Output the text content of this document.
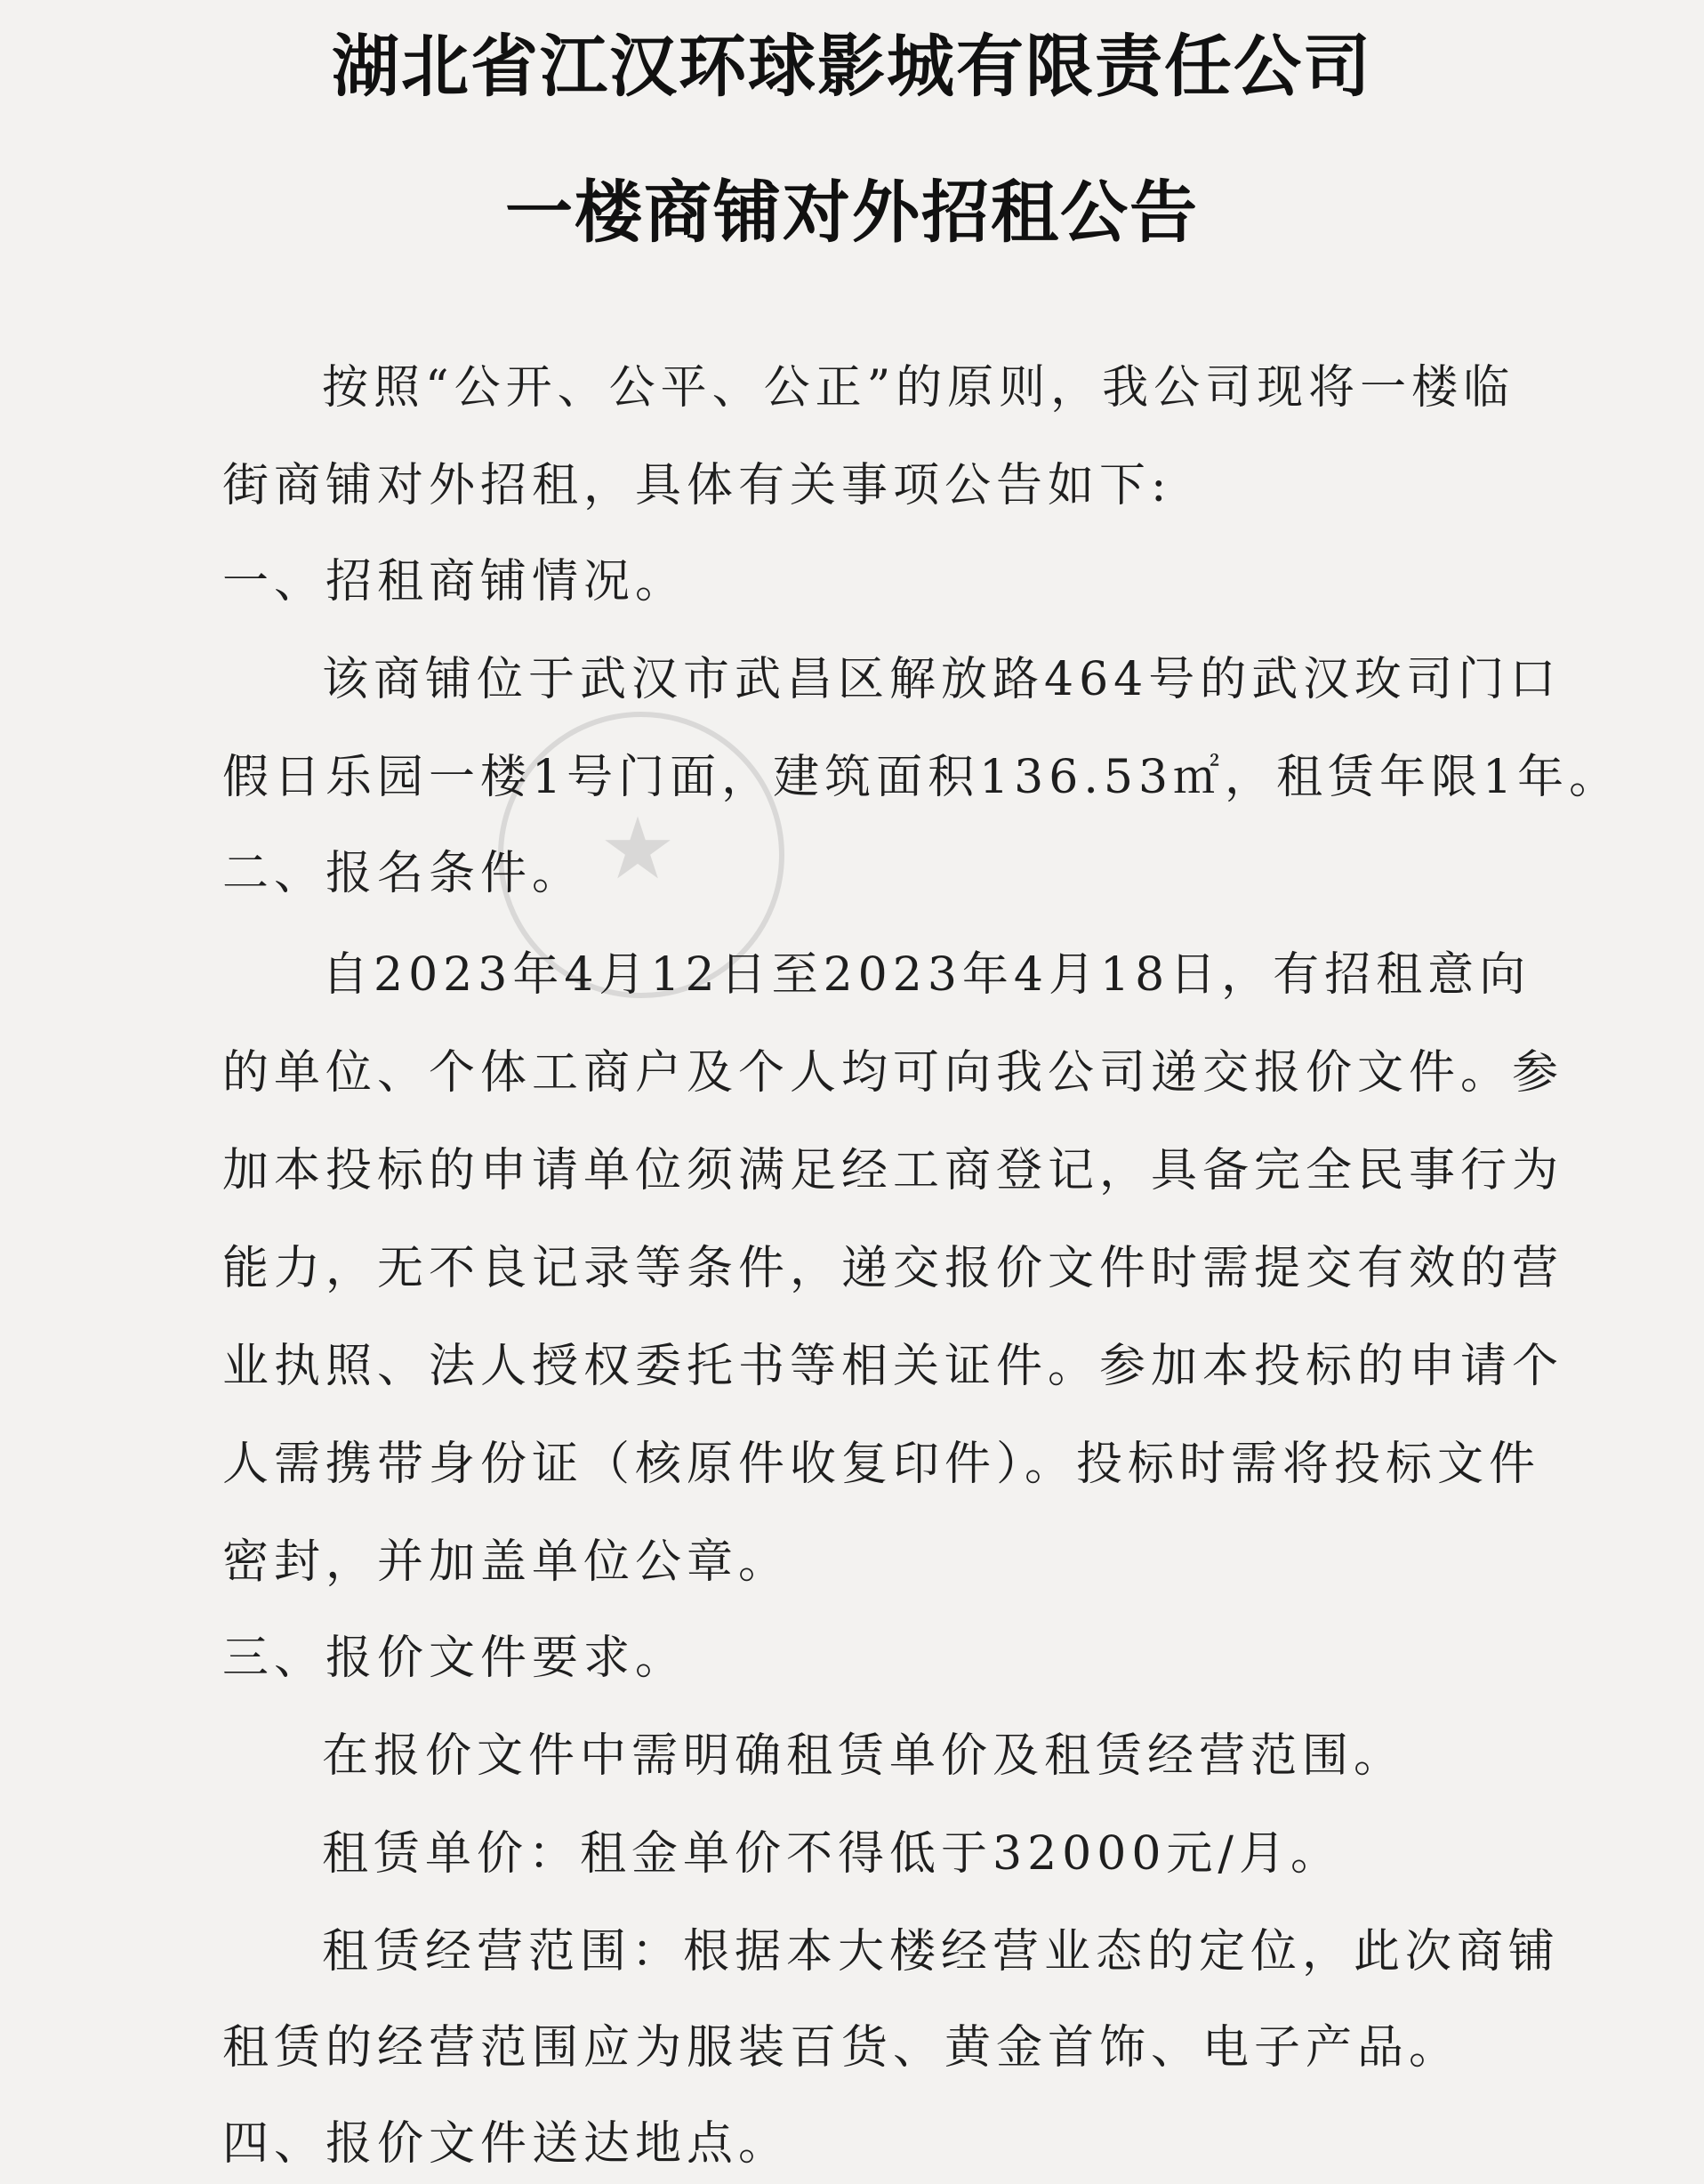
湖北省江汉环球影城有限责任公司
一楼商铺对外招租公告
★
按照“公开、公平、公正”的原则，我公司现将一楼临
街商铺对外招租，具体有关事项公告如下:
一、招租商铺情况。
该商铺位于武汉市武昌区解放路464号的武汉玫司门口
假日乐园一楼1号门面，建筑面积136.53㎡，租赁年限1年。
二、报名条件。
自2023年4月12日至2023年4月18日，有招租意向
的单位、个体工商户及个人均可向我公司递交报价文件。参
加本投标的申请单位须满足经工商登记，具备完全民事行为
能力，无不良记录等条件，递交报价文件时需提交有效的营
业执照、法人授权委托书等相关证件。参加本投标的申请个
人需携带身份证（核原件收复印件）。投标时需将投标文件
密封，并加盖单位公章。
三、报价文件要求。
在报价文件中需明确租赁单价及租赁经营范围。
租赁单价：租金单价不得低于32000元/月。
租赁经营范围：根据本大楼经营业态的定位，此次商铺
租赁的经营范围应为服装百货、黄金首饰、电子产品。
四、报价文件送达地点。
